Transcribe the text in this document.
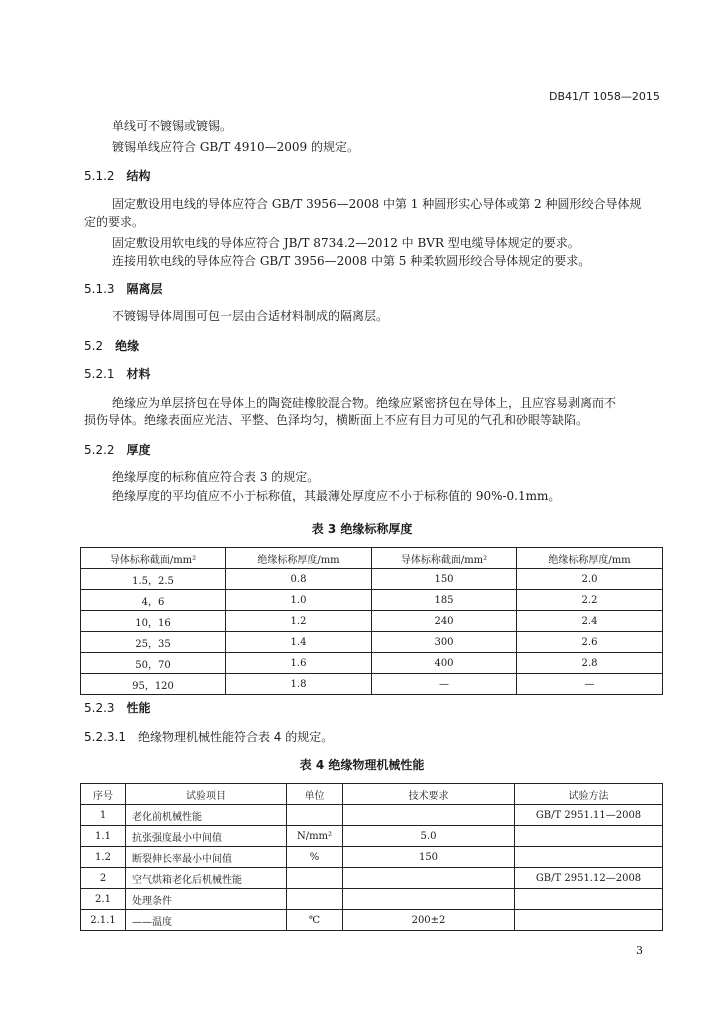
DB41/T 1058—2015
单线可不镀锡或镀锡。
镀锡单线应符合 GB/T 4910—2009 的规定。
5.1.2 结构
固定敷设用电线的导体应符合 GB/T 3956—2008 中第 1 种圆形实心导体或第 2 种圆形绞合导体规
定的要求。
固定敷设用软电线的导体应符合 JB/T 8734.2—2012 中 BVR 型电缆导体规定的要求。
连接用软电线的导体应符合 GB/T 3956—2008 中第 5 种柔软圆形绞合导体规定的要求。
5.1.3 隔离层
不镀锡导体周围可包一层由合适材料制成的隔离层。
5.2 绝缘
5.2.1 材料
绝缘应为单层挤包在导体上的陶瓷硅橡胶混合物。绝缘应紧密挤包在导体上，且应容易剥离而不
损伤导体。绝缘表面应光洁、平整、色泽均匀，横断面上不应有目力可见的气孔和砂眼等缺陷。
5.2.2 厚度
绝缘厚度的标称值应符合表 3 的规定。
绝缘厚度的平均值应不小于标称值，其最薄处厚度应不小于标称值的 90%-0.1mm。
表 3 绝缘标称厚度
导体标称截面/mm²	绝缘标称厚度/mm	导体标称截面/mm²	绝缘标称厚度/mm
1.5，2.5	0.8	150	2.0
4，6	1.0	185	2.2
10，16	1.2	240	2.4
25，35	1.4	300	2.6
50，70	1.6	400	2.8
95，120	1.8	—	—
5.2.3 性能
5.2.3.1 绝缘物理机械性能符合表 4 的规定。
表 4 绝缘物理机械性能
序号	试验项目	单位	技术要求	试验方法
1	老化前机械性能			GB/T 2951.11—2008
1.1	抗张强度最小中间值	N/mm²	5.0	
1.2	断裂伸长率最小中间值	%	150	
2	空气烘箱老化后机械性能			GB/T 2951.12—2008
2.1	处理条件			
2.1.1	——温度	℃	200±2	
3
